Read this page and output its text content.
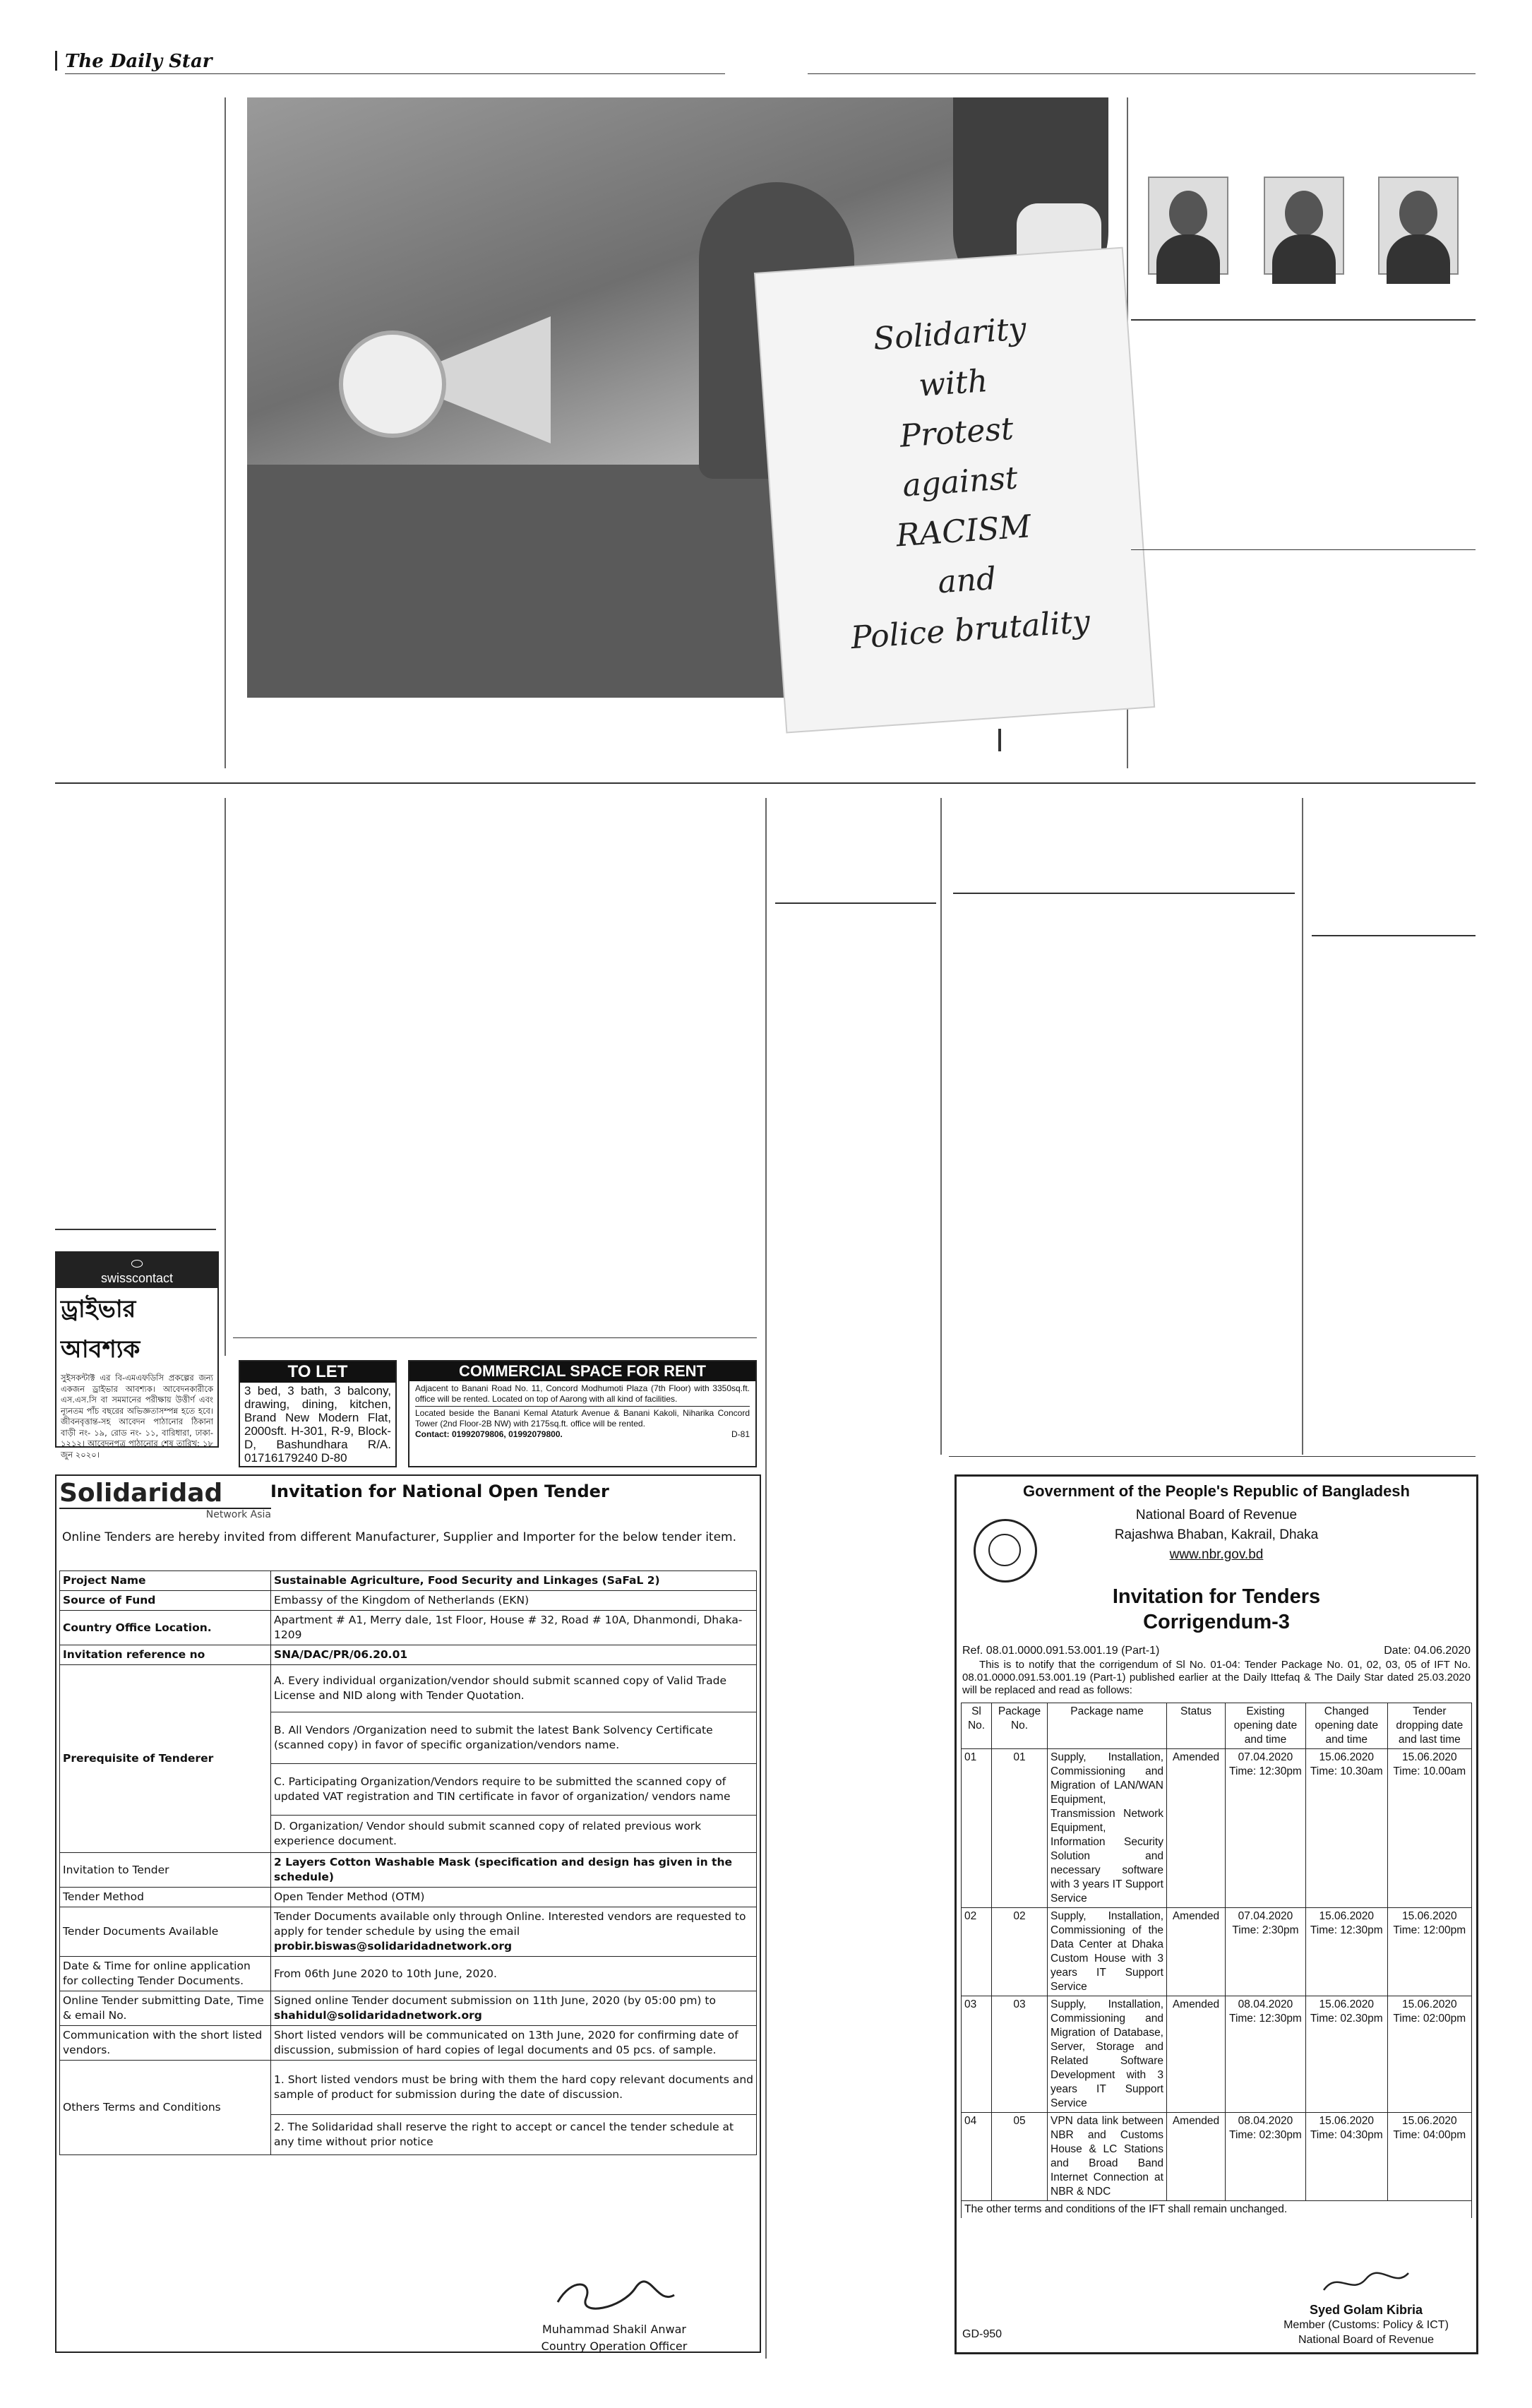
The Daily Star
Solidarity
with
Protest
against
RACISM
and
Police brutality
⬭
swisscontact
ড্রাইভার আবশ্যক
সুইসকন্টাক্ট এর বি-এমএফডিসি প্রকল্পের জন্য একজন ড্রাইভার আবশ্যক। আবেদনকারীকে এস.এস.সি বা সমমানের পরীক্ষায় উত্তীর্ণ এবং ন্যূনতম পাঁচ বছরের অভিজ্ঞতাসম্পন্ন হতে হবে। জীবনবৃত্তান্ত-সহ আবেদন পাঠানোর ঠিকানা বাড়ী নং- ১৯, রোড নং- ১১, বারিধারা, ঢাকা- ১২১২। আবেদনপত্র পাঠানোর শেষ তারিখ: ১৮ জুন ২০২০।
TO LET
3 bed, 3 bath, 3 balcony, drawing, dining, kitchen, Brand New Modern Flat, 2000sft. H-301, R-9, Block-D, Bashundhara R/A. 01716179240 D-80
COMMERCIAL SPACE FOR RENT
Adjacent to Banani Road No. 11, Concord Modhumoti Plaza (7th Floor) with 3350sq.ft. office will be rented. Located on top of Aarong with all kind of facilities.
Located beside the Banani Kemal Ataturk Avenue & Banani Kakoli, Niharika Concord Tower (2nd Floor-2B NW) with 2175sq.ft. office will be rented.
Contact: 01992079806, 01992079800.	D-81
Solidaridad
Network Asia
Invitation for National Open Tender
Online Tenders are hereby invited from different Manufacturer, Supplier and Importer for the below tender item.
Project Name	Sustainable Agriculture, Food Security and Linkages (SaFaL 2)
Source of Fund	Embassy of the Kingdom of Netherlands (EKN)
Country Office Location.	Apartment # A1, Merry dale, 1st Floor, House # 32, Road # 10A, Dhanmondi, Dhaka-1209
Invitation reference no	SNA/DAC/PR/06.20.01
Prerequisite of Tenderer	A. Every individual organization/vendor should submit scanned copy of Valid Trade License and NID along with Tender Quotation.
	B. All Vendors /Organization need to submit the latest Bank Solvency Certificate (scanned copy) in favor of specific organization/vendors name.
	C. Participating Organization/Vendors require to be submitted the scanned copy of updated VAT registration and TIN certificate in favor of organization/ vendors name
	D. Organization/ Vendor should submit scanned copy of related previous work experience document.
Invitation to Tender	2 Layers Cotton Washable Mask (specification and design has given in the schedule)
Tender Method	Open Tender Method (OTM)
Tender Documents Available	Tender Documents available only through Online. Interested vendors are requested to apply for tender schedule by using the email
probir.biswas@solidaridadnetwork.org
Date & Time for online application for collecting Tender Documents.	From 06th June 2020 to 10th June, 2020.
Online Tender submitting Date, Time & email No.	Signed online Tender document submission on 11th June, 2020 (by 05:00 pm) to
shahidul@solidaridadnetwork.org
Communication with the short listed vendors.	Short listed vendors will be communicated on 13th June, 2020 for confirming date of discussion, submission of hard copies of legal documents and 05 pcs. of sample.
Others Terms and Conditions	1. Short listed vendors must be bring with them the hard copy relevant documents and sample of product for submission during the date of discussion.
	2. The Solidaridad shall reserve the right to accept or cancel the tender schedule at any time without prior notice
Muhammad Shakil Anwar
Country Operation Officer
Government of the People's Republic of Bangladesh
National Board of Revenue
Rajashwa Bhaban, Kakrail, Dhaka
www.nbr.gov.bd
Invitation for Tenders
Corrigendum-3
Ref. 08.01.0000.091.53.001.19 (Part-1)	Date: 04.06.2020
This is to notify that the corrigendum of Sl No. 01-04: Tender Package No. 01, 02, 03, 05 of IFT No. 08.01.0000.091.53.001.19 (Part-1) published earlier at the Daily Ittefaq & The Daily Star dated 25.03.2020 will be replaced and read as follows:
Sl No.	Package No.	Package name	Status	Existing opening date and time	Changed opening date and time	Tender dropping date and last time
01	01	Supply, Installation, Commissioning and Migration of LAN/WAN Equipment, Transmission Network Equipment, Information Security Solution and necessary software with 3 years IT Support Service	Amended	07.04.2020 Time: 12:30pm	15.06.2020 Time: 10.30am	15.06.2020 Time: 10.00am
02	02	Supply, Installation, Commissioning of the Data Center at Dhaka Custom House with 3 years IT Support Service	Amended	07.04.2020 Time: 2:30pm	15.06.2020 Time: 12:30pm	15.06.2020 Time: 12:00pm
03	03	Supply, Installation, Commissioning and Migration of Database, Server, Storage and Related Software Development with 3 years IT Support Service	Amended	08.04.2020 Time: 12:30pm	15.06.2020 Time: 02.30pm	15.06.2020 Time: 02:00pm
04	05	VPN data link between NBR and Customs House & LC Stations and Broad Band Internet Connection at NBR & NDC	Amended	08.04.2020 Time: 02:30pm	15.06.2020 Time: 04:30pm	15.06.2020 Time: 04:00pm
The other terms and conditions of the IFT shall remain unchanged.						
Syed Golam Kibria
Member (Customs: Policy & ICT)
National Board of Revenue
GD-950
